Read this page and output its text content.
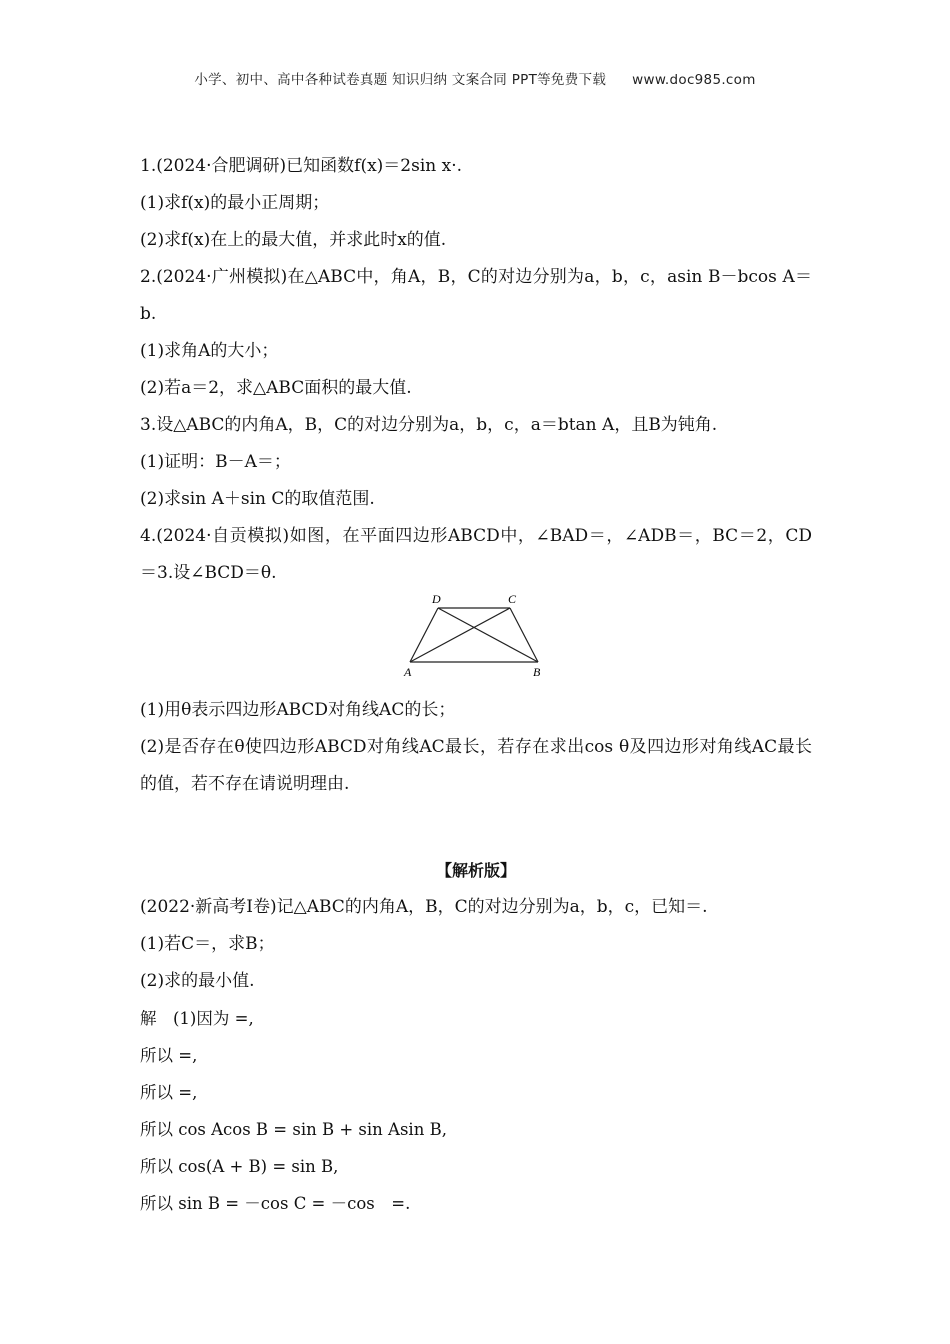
小学、初中、高中各种试卷真题 知识归纳 文案合同 PPT等免费下载 www.doc985.com
1.(2024·合肥调研)已知函数f(x)＝2sin x·.
(1)求f(x)的最小正周期；
(2)求f(x)在上的最大值，并求此时x的值.
2.(2024·广州模拟)在△ABC中，角A，B，C的对边分别为a，b，c，asin B－bcos A＝b.
(1)求角A的大小；
(2)若a＝2，求△ABC面积的最大值.
3.设△ABC的内角A，B，C的对边分别为a，b，c，a＝btan A，且B为钝角.
(1)证明：B－A＝；
(2)求sin A＋sin C的取值范围.
4.(2024·自贡模拟)如图，在平面四边形ABCD中，∠BAD＝，∠ADB＝，BC＝2，CD＝3.设∠BCD＝θ.
D	C
A	B
(1)用θ表示四边形ABCD对角线AC的长；
(2)是否存在θ使四边形ABCD对角线AC最长，若存在求出cos θ及四边形对角线AC最长的值，若不存在请说明理由.
【解析版】
(2022·新高考Ⅰ卷)记△ABC的内角A，B，C的对边分别为a，b，c，已知＝.
(1)若C＝，求B；
(2)求的最小值.
解　(1)因为 =,
所以 =,
所以 =,
所以 cos Acos B = sin B + sin Asin B,
所以 cos(A + B) = sin B,
所以 sin B = －cos C = －cos　=.
